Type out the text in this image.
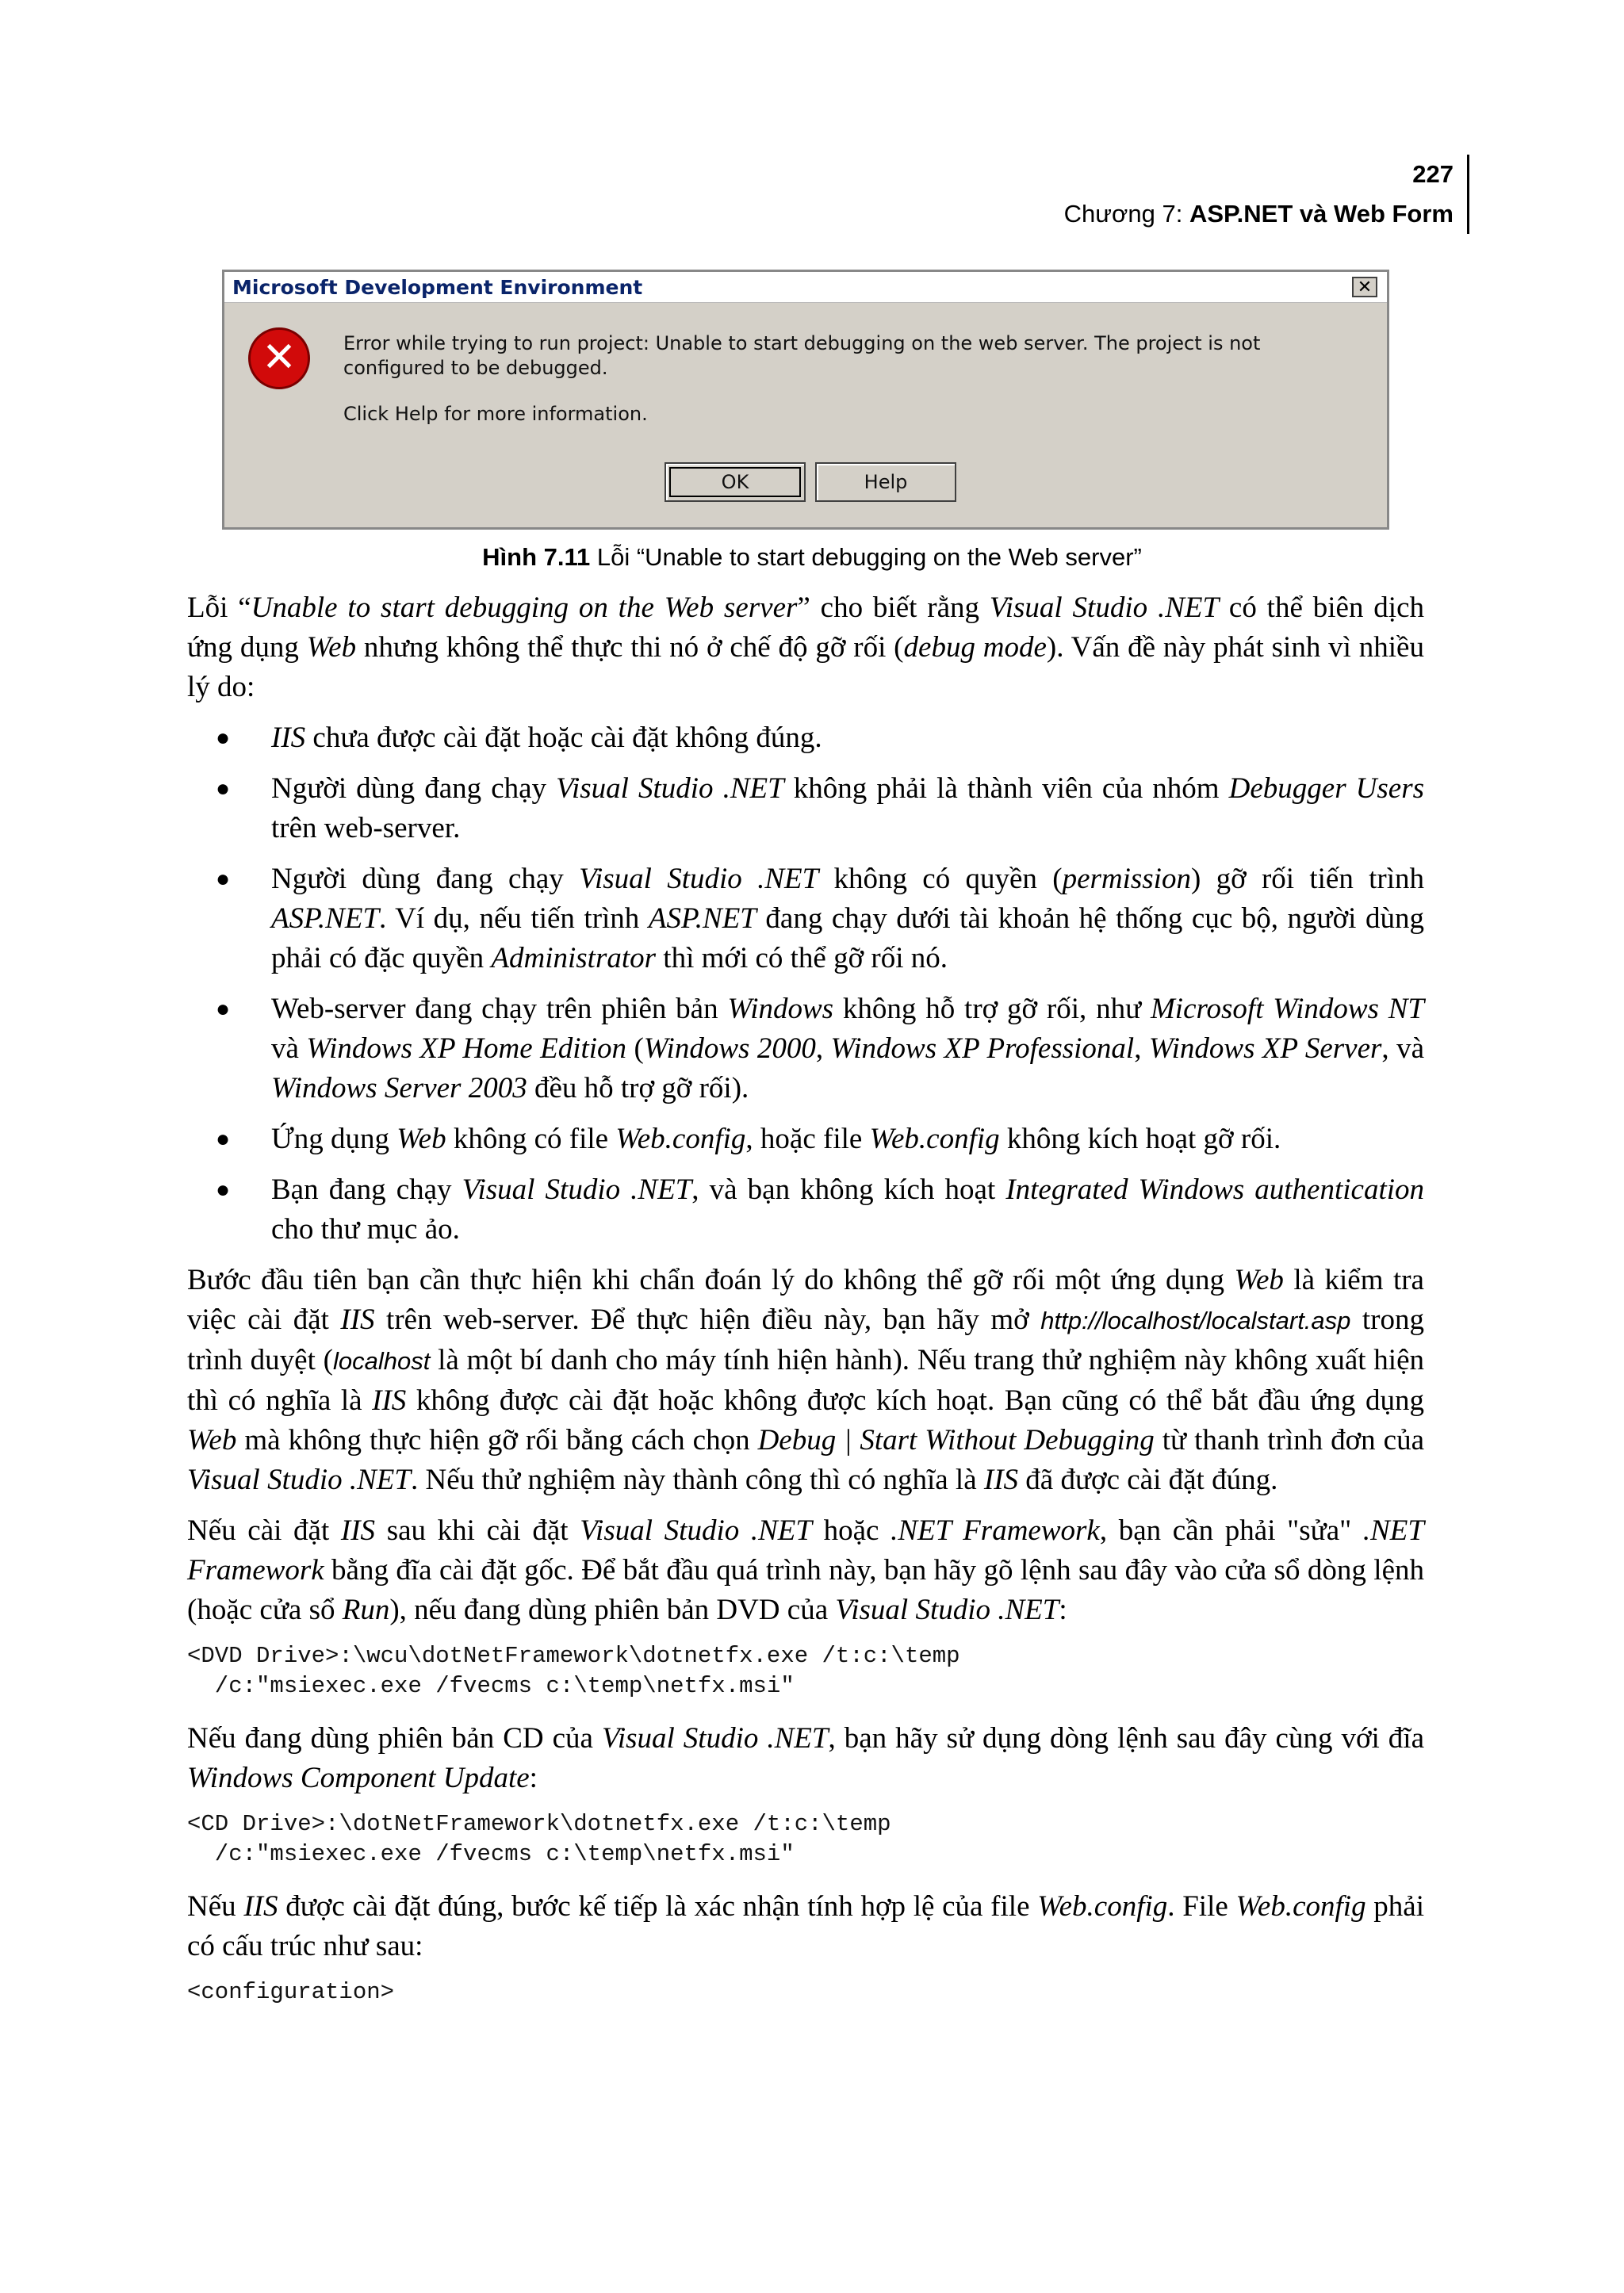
227
Chương 7: ASP.NET và Web Form
Microsoft Development Environment	✕
✕	Error while trying to run project: Unable to start debugging on the web server. The project is not configured to be debugged.
Click Help for more information.
OK	Help
Hình 7.11 Lỗi “Unable to start debugging on the Web server”

Lỗi “Unable to start debugging on the Web server” cho biết rằng Visual Studio .NET có thể biên dịch ứng dụng Web nhưng không thể thực thi nó ở chế độ gỡ rối (debug mode). Vấn đề này phát sinh vì nhiều lý do:

● IIS chưa được cài đặt hoặc cài đặt không đúng.
● Người dùng đang chạy Visual Studio .NET không phải là thành viên của nhóm Debugger Users trên web-server.
● Người dùng đang chạy Visual Studio .NET không có quyền (permission) gỡ rối tiến trình ASP.NET. Ví dụ, nếu tiến trình ASP.NET đang chạy dưới tài khoản hệ thống cục bộ, người dùng phải có đặc quyền Administrator thì mới có thể gỡ rối nó.
● Web-server đang chạy trên phiên bản Windows không hỗ trợ gỡ rối, như Microsoft Windows NT và Windows XP Home Edition (Windows 2000, Windows XP Professional, Windows XP Server, và Windows Server 2003 đều hỗ trợ gỡ rối).
● Ứng dụng Web không có file Web.config, hoặc file Web.config không kích hoạt gỡ rối.
● Bạn đang chạy Visual Studio .NET, và bạn không kích hoạt Integrated Windows authentication cho thư mục ảo.

Bước đầu tiên bạn cần thực hiện khi chẩn đoán lý do không thể gỡ rối một ứng dụng Web là kiểm tra việc cài đặt IIS trên web-server. Để thực hiện điều này, bạn hãy mở http://localhost/localstart.asp trong trình duyệt (localhost là một bí danh cho máy tính hiện hành). Nếu trang thử nghiệm này không xuất hiện thì có nghĩa là IIS không được cài đặt hoặc không được kích hoạt. Bạn cũng có thể bắt đầu ứng dụng Web mà không thực hiện gỡ rối bằng cách chọn Debug | Start Without Debugging từ thanh trình đơn của Visual Studio .NET. Nếu thử nghiệm này thành công thì có nghĩa là IIS đã được cài đặt đúng.

Nếu cài đặt IIS sau khi cài đặt Visual Studio .NET hoặc .NET Framework, bạn cần phải "sửa" .NET Framework bằng đĩa cài đặt gốc. Để bắt đầu quá trình này, bạn hãy gõ lệnh sau đây vào cửa sổ dòng lệnh (hoặc cửa sổ Run), nếu đang dùng phiên bản DVD của Visual Studio .NET:

<DVD Drive>:\wcu\dotNetFramework\dotnetfx.exe /t:c:\temp
/c:"msiexec.exe /fvecms c:\temp\netfx.msi"

Nếu đang dùng phiên bản CD của Visual Studio .NET, bạn hãy sử dụng dòng lệnh sau đây cùng với đĩa Windows Component Update:

<CD Drive>:\dotNetFramework\dotnetfx.exe /t:c:\temp
/c:"msiexec.exe /fvecms c:\temp\netfx.msi"

Nếu IIS được cài đặt đúng, bước kế tiếp là xác nhận tính hợp lệ của file Web.config. File Web.config phải có cấu trúc như sau:

<configuration>
